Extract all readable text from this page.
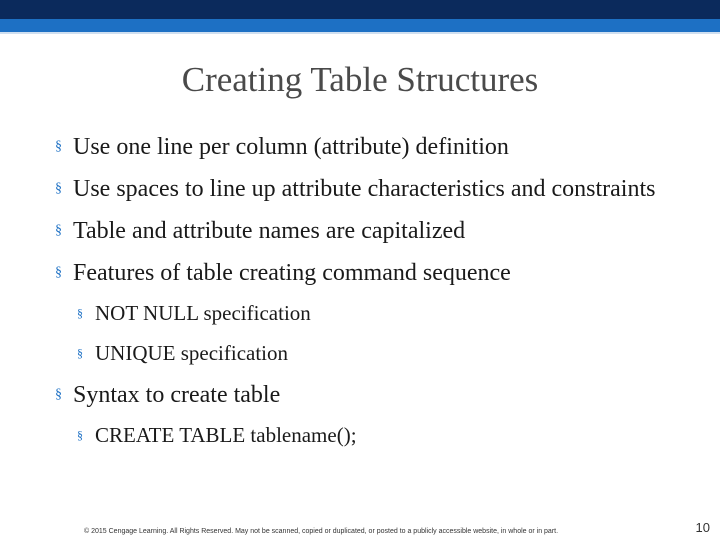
Creating Table Structures
§ Use one line per column (attribute) definition
§ Use spaces to line up attribute characteristics and constraints
§ Table and attribute names are capitalized
§ Features of table creating command sequence
§ NOT NULL specification
§ UNIQUE specification
§ Syntax to create table
§ CREATE TABLE tablename();
© 2015 Cengage Learning. All Rights Reserved. May not be scanned, copied or duplicated, or posted to a publicly accessible website, in whole or in part.	10
